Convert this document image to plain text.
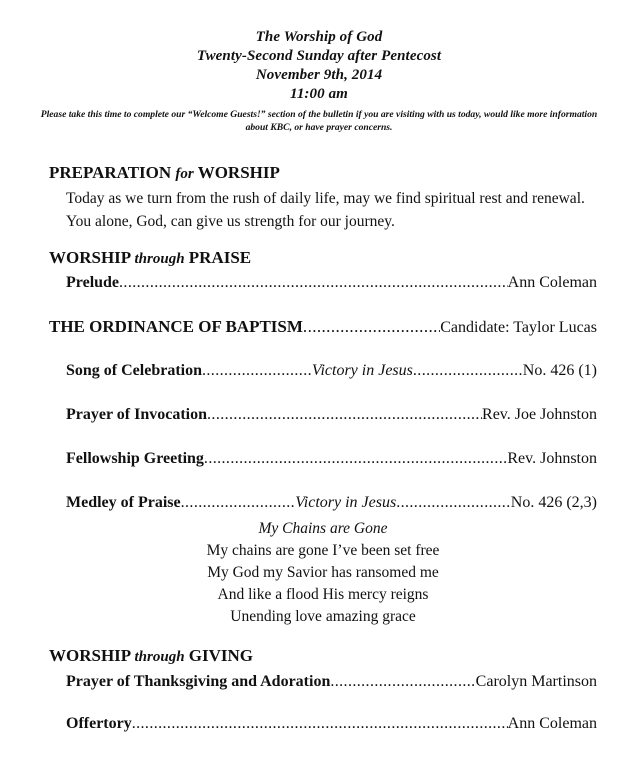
The Worship of God
Twenty-Second Sunday after Pentecost
November 9th, 2014
11:00 am
Please take this time to complete our “Welcome Guests!” section of the bulletin if you are visiting with us today, would like more information about KBC, or have prayer concerns.
PREPARATION for WORSHIP
Today as we turn from the rush of daily life, may we find spiritual rest and renewal. You alone, God, can give us strength for our journey.
WORSHIP through PRAISE
Prelude .....	Ann Coleman
THE ORDINANCE OF BAPTISM .....	Candidate: Taylor Lucas
Song of Celebration .....	Victory in Jesus .....	No. 426 (1)
Prayer of Invocation .....	Rev. Joe Johnston
Fellowship Greeting .....	Rev. Johnston
Medley of Praise .....	Victory in Jesus .....	No. 426 (2,3)
My Chains are Gone
My chains are gone I’ve been set free
My God my Savior has ransomed me
And like a flood His mercy reigns
Unending love amazing grace
WORSHIP through GIVING
Prayer of Thanksgiving and Adoration .....	Carolyn Martinson
Offertory .....	Ann Coleman
